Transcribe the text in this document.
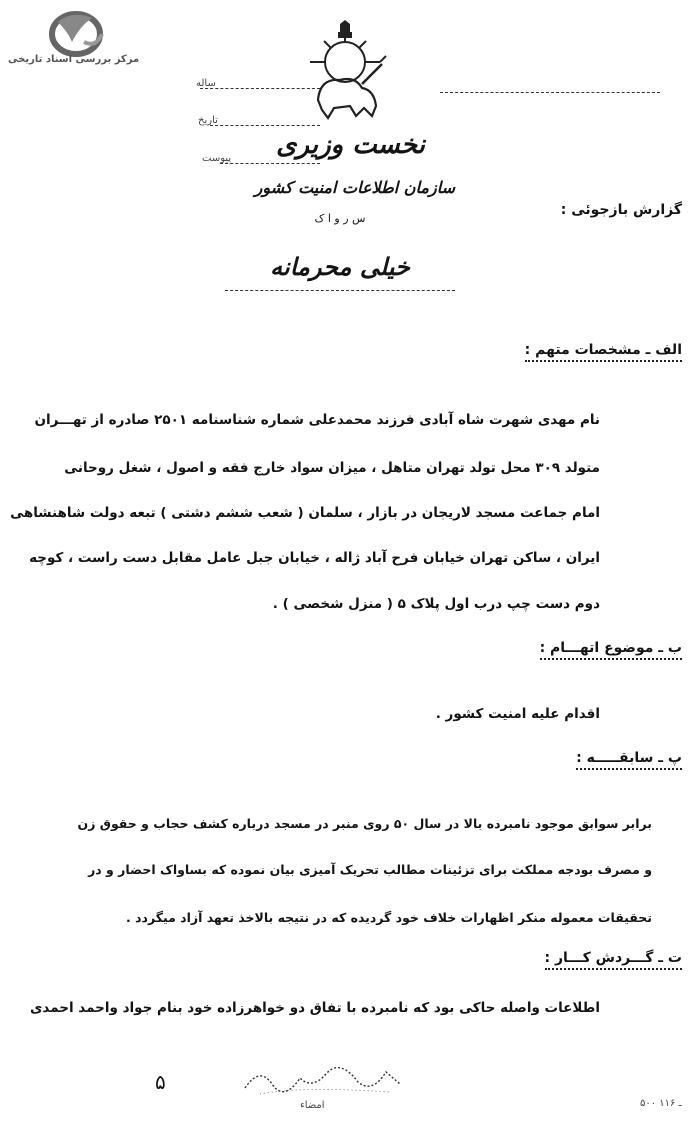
مرکز بررسی اسناد تاریخی
ساله
تاریخ
پیوست نخست وزیری
سازمان اطلاعات امنیت کشور
س ر و ا ک
خیلی محرمانه
گزارش بازجوئی :
الف ـ مشخصات متهم :
نام مهدی شهرت شاه آبادی فرزند محمدعلی شماره شناسنامه ۲۵۰۱ صادره از تهـــران
متولد ۳۰۹ محل تولد تهران متاهل ، میزان سواد خارج فقه و اصول ، شغل روحانی
امام جماعت مسجد لاریجان در بازار ، سلمان ( شعب ششم دشتی ) تبعه دولت شاهنشاهی
ایران ، ساکن تهران خیابان فرح آباد ژاله ، خیابان جبل عامل مقابل دست راست ، کوچه
دوم دست چپ درب اول پلاک ۵ ( منزل شخصی ) .
ب ـ موضوع اتهـــام :
اقدام علیه امنیت کشور .
پ ـ سابقـــــه :
برابر سوابق موجود نامبرده بالا در سال ۵۰ روی منبر در مسجد درباره کشف حجاب و حقوق زن
و مصرف بودجه مملکت برای تزئینات مطالب تحریک آمیزی بیان نموده که بساواک احضار و در
تحقیقات معموله منکر اظهارات خلاف خود گردیده که در نتیجه بالاخذ تعهد آزاد میگردد .
ت ـ گـــردش کـــار :
اطلاعات واصله حاکی بود که نامبرده با تفاق دو خواهرزاده خود بنام جواد واحمد احمدی
۵
امضاء	۵۰۰ ـ ۱۱۶
